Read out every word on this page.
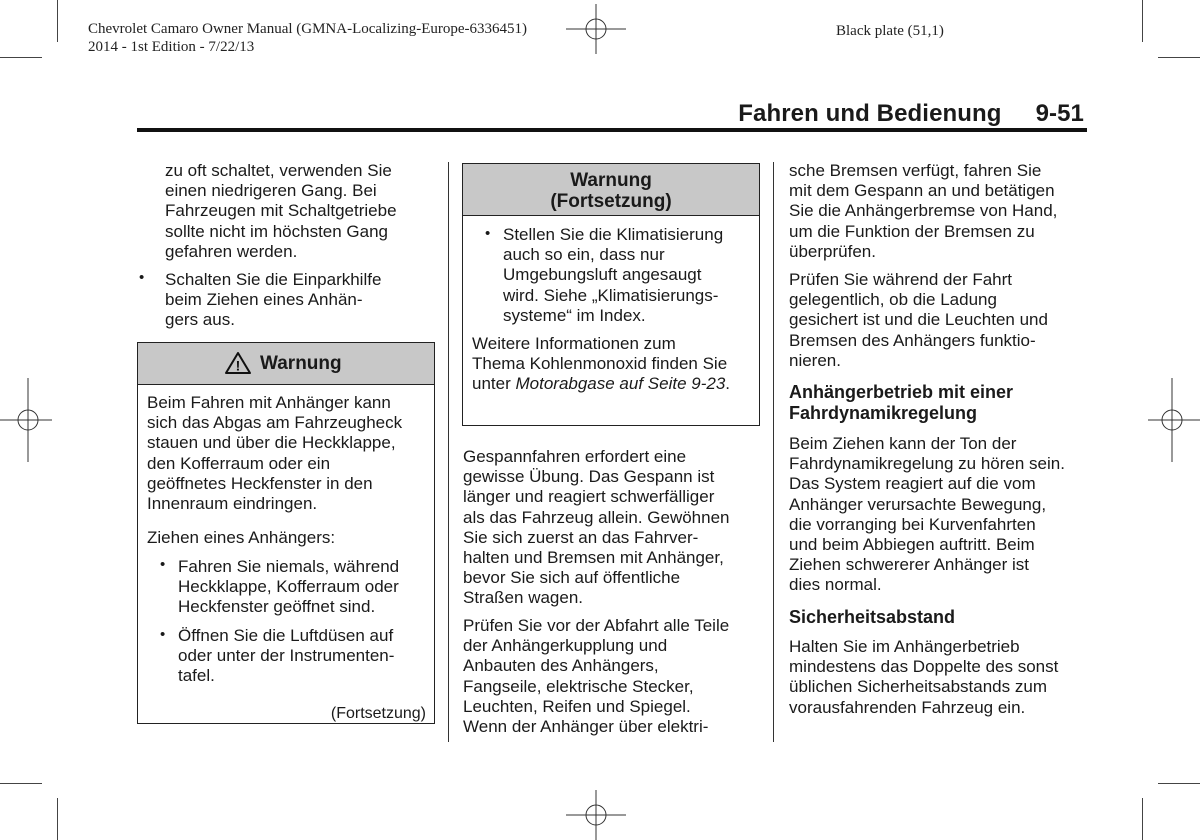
Chevrolet Camaro Owner Manual (GMNA-Localizing-Europe-6336451)
2014 - 1st Edition - 7/22/13
Black plate (51,1)
Fahren und Bedienung 9-51
zu oft schaltet, verwenden Sie
einen niedrigeren Gang. Bei
Fahrzeugen mit Schaltgetriebe
sollte nicht im höchsten Gang
gefahren werden.
• Schalten Sie die Einparkhilfe
beim Ziehen eines Anhän-
gers aus.
! Warnung
Beim Fahren mit Anhänger kann
sich das Abgas am Fahrzeugheck
stauen und über die Heckklappe,
den Kofferraum oder ein
geöffnetes Heckfenster in den
Innenraum eindringen.
Ziehen eines Anhängers:
• Fahren Sie niemals, während
Heckklappe, Kofferraum oder
Heckfenster geöffnet sind.
• Öffnen Sie die Luftdüsen auf
oder unter der Instrumenten-
tafel.
(Fortsetzung)
Warnung
(Fortsetzung)
• Stellen Sie die Klimatisierung
auch so ein, dass nur
Umgebungsluft angesaugt
wird. Siehe „Klimatisierungs-
systeme“ im Index.
Weitere Informationen zum
Thema Kohlenmonoxid finden Sie
unter Motorabgase auf Seite 9-23.
Gespannfahren erfordert eine
gewisse Übung. Das Gespann ist
länger und reagiert schwerfälliger
als das Fahrzeug allein. Gewöhnen
Sie sich zuerst an das Fahrver-
halten und Bremsen mit Anhänger,
bevor Sie sich auf öffentliche
Straßen wagen.
Prüfen Sie vor der Abfahrt alle Teile
der Anhängerkupplung und
Anbauten des Anhängers,
Fangseile, elektrische Stecker,
Leuchten, Reifen und Spiegel.
Wenn der Anhänger über elektri-
sche Bremsen verfügt, fahren Sie
mit dem Gespann an und betätigen
Sie die Anhängerbremse von Hand,
um die Funktion der Bremsen zu
überprüfen.
Prüfen Sie während der Fahrt
gelegentlich, ob die Ladung
gesichert ist und die Leuchten und
Bremsen des Anhängers funktio-
nieren.
Anhängerbetrieb mit einer
Fahrdynamikregelung
Beim Ziehen kann der Ton der
Fahrdynamikregelung zu hören sein.
Das System reagiert auf die vom
Anhänger verursachte Bewegung,
die vorranging bei Kurvenfahrten
und beim Abbiegen auftritt. Beim
Ziehen schwererer Anhänger ist
dies normal.
Sicherheitsabstand
Halten Sie im Anhängerbetrieb
mindestens das Doppelte des sonst
üblichen Sicherheitsabstands zum
vorausfahrenden Fahrzeug ein.
